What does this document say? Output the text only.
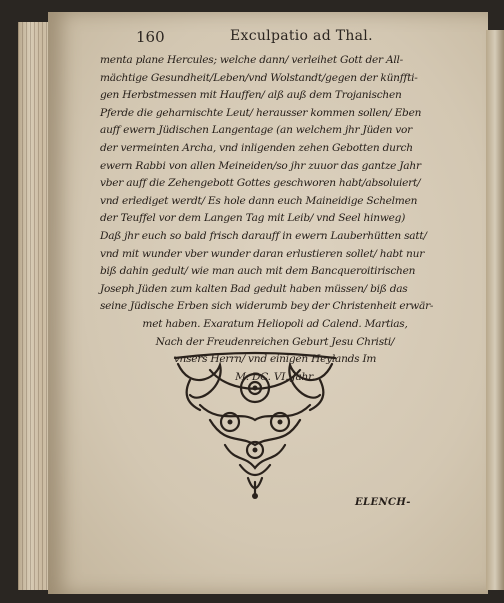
160	Exculpatio ad Thal.
menta plane Hercules; welche dann/ verleihet Gott der All-
mächtige Gesundheit/Leben/vnd Wolstandt/gegen der künffti-
gen Herbstmessen mit Hauffen/ alß auß dem Trojanischen
Pferde die geharnischte Leut/ herausser kommen sollen/ Eben
auff ewern Jüdischen Langentage (an welchem jhr Jüden vor
der vermeinten Archa, vnd inligenden zehen Gebotten durch
ewern Rabbi von allen Meineiden/so jhr zuuor das gantze Jahr
vber auff die Zehengebott Gottes geschworen habt/absoluiert/
vnd erlediget werdt/ Es hole dann euch Maineidige Schelmen
der Teuffel vor dem Langen Tag mit Leib/ vnd Seel hinweg)
Daß jhr euch so bald frisch darauff in ewern Lauberhütten satt/
vnd mit wunder vber wunder daran erlustieren sollet/ habt nur
biß dahin gedult/ wie man auch mit dem Bancqueroitirischen
Joseph Jüden zum kalten Bad gedult haben müssen/ biß das
seine Jüdische Erben sich widerumb bey der Christenheit erwär-
met haben. Exaratum Heliopoli ad Calend. Martias,
Nach der Freudenreichen Geburt Jesu Christi/
vnsers Herrn/ vnd einigen Heylands Im
M. DC. VI. Jahr.
ELENCH-
